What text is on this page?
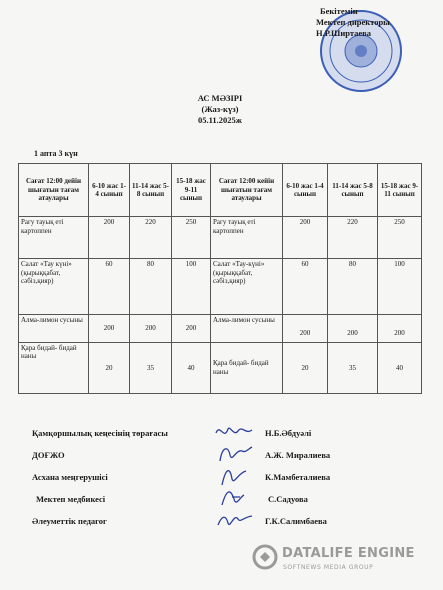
Бекітемін
Мектеп директоры
Н.Р.Ширтаева
АС МӘЗІРІ
(Жаз-күз)
05.11.2025ж
1 апта 3 күн
Сағат 12:00 дейін шығатын тағам атаулары	6-10 жас 1-4 сынып	11-14 жас 5-8 сынып	15-18 жас 9-11 сынып	Сағат 12:00 кейін шығатын тағам атаулары	6-10 жас 1-4 сынып	11-14 жас 5-8 сынып	15-18 жас 9-11 сынып
Рагу тауық еті картоппен	200	220	250	Рагу тауық еті картоппен	200	220	250
Салат «Тау күні» (қырыққабат, сәбіз,қияр)	60	80	100	Салат «Тау-күні» (қырыққабат, сәбіз,қияр)	60	80	100
Алма-лимон сусыны	200	200	200	Алма-лимон сусыны	200	200	200
Қара бидай- бидай наны	20	35	40	Қара бидай- бидай наны	20	35	40
Қамқоршылық кеңесінің төрағасы	Н.Б.Әбдуәлі
ДОҒЖО	А.Ж. Миралиева
Асхана меңгерушісі	К.Мамбеталиева
Мектеп медбикесі	С.Садуова
Әлеуметтік педагог	Г.К.Салимбаева
DATALIFE ENGINE
SOFTNEWS MEDIA GROUP
